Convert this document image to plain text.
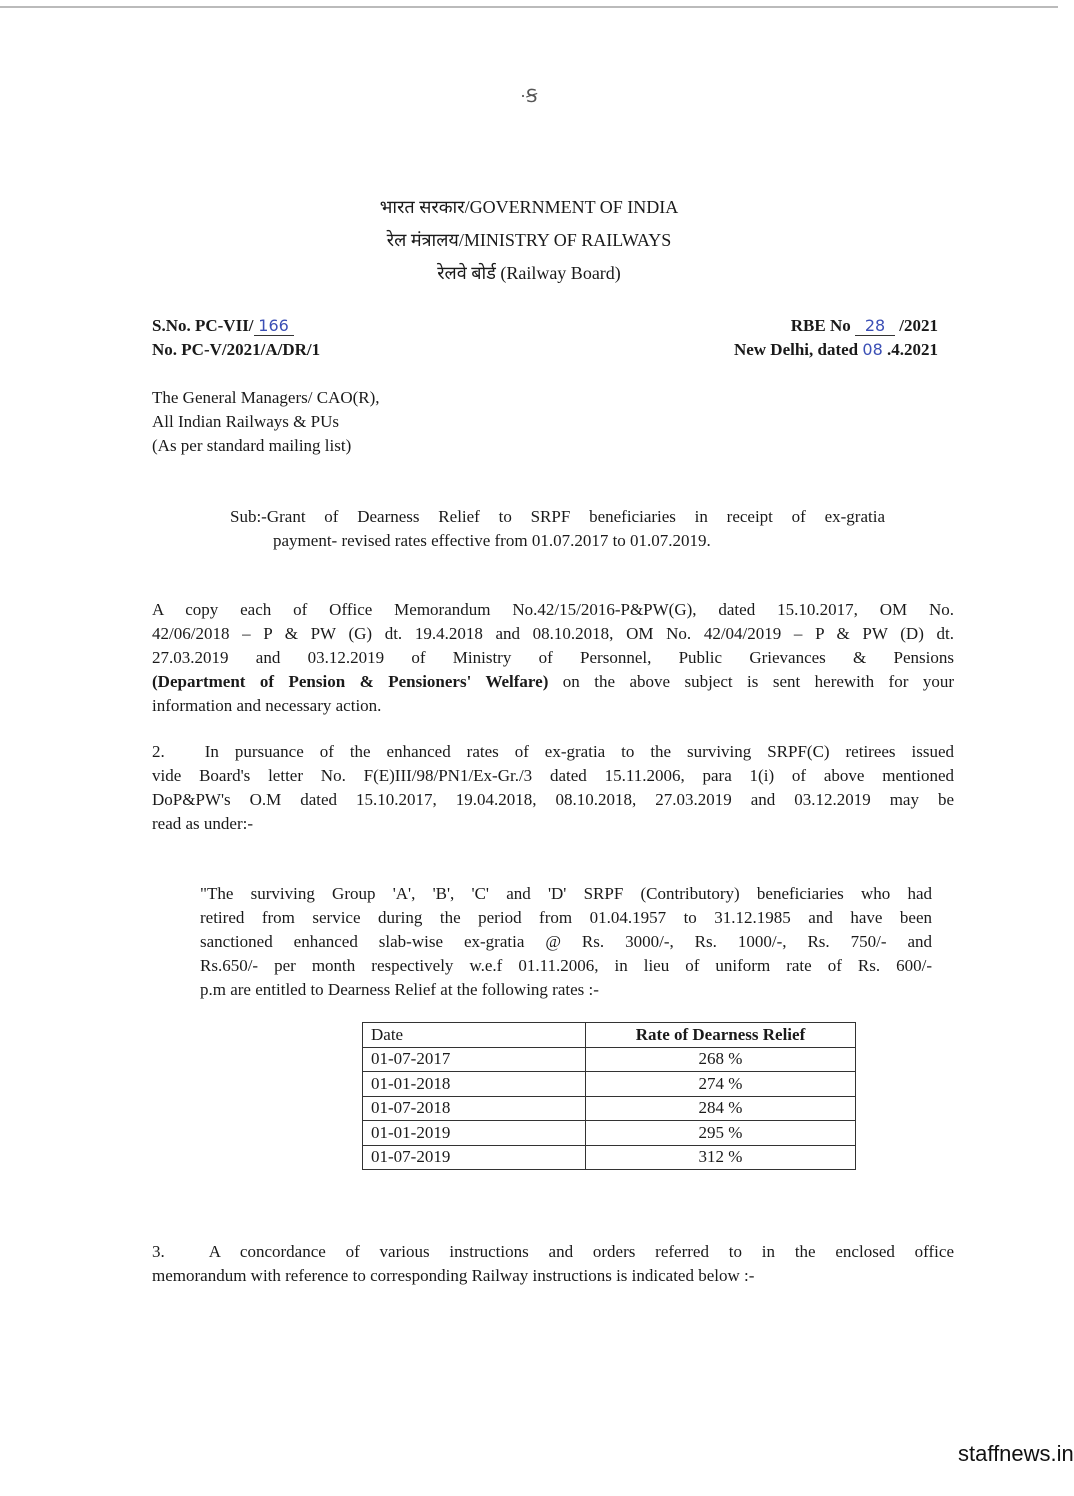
·Ꞩ
भारत सरकार/GOVERNMENT OF INDIA
रेल मंत्रालय/MINISTRY OF RAILWAYS
रेलवे बोर्ड (Railway Board)
S.No. PC-VII/ 166
No. PC-V/2021/A/DR/1
RBE No 28 /2021
New Delhi, dated 08 .4.2021
The General Managers/ CAO(R),
All Indian Railways & PUs
(As per standard mailing list)
Sub:-Grant of Dearness Relief to SRPF beneficiaries in receipt of ex-gratia
payment- revised rates effective from 01.07.2017 to 01.07.2019.
A copy each of Office Memorandum No.42/15/2016-P&PW(G), dated 15.10.2017, OM No.
42/06/2018 – P & PW (G) dt. 19.4.2018 and 08.10.2018, OM No. 42/04/2019 – P & PW (D) dt.
27.03.2019 and 03.12.2019 of Ministry of Personnel, Public Grievances & Pensions
(Department of Pension & Pensioners' Welfare) on the above subject is sent herewith for your
information and necessary action.
2. In pursuance of the enhanced rates of ex-gratia to the surviving SRPF(C) retirees issued
vide Board's letter No. F(E)III/98/PN1/Ex-Gr./3 dated 15.11.2006, para 1(i) of above mentioned
DoP&PW's O.M dated 15.10.2017, 19.04.2018, 08.10.2018, 27.03.2019 and 03.12.2019 may be
read as under:-
"The surviving Group 'A', 'B', 'C' and 'D' SRPF (Contributory) beneficiaries who had
retired from service during the period from 01.04.1957 to 31.12.1985 and have been
sanctioned enhanced slab-wise ex-gratia @ Rs. 3000/-, Rs. 1000/-, Rs. 750/- and
Rs.650/- per month respectively w.e.f 01.11.2006, in lieu of uniform rate of Rs. 600/-
p.m are entitled to Dearness Relief at the following rates :-
Date	Rate of Dearness Relief
01-07-2017	268 %
01-01-2018	274 %
01-07-2018	284 %
01-01-2019	295 %
01-07-2019	312 %
3.	A concordance of various instructions and orders referred to in the enclosed office
memorandum with reference to corresponding Railway instructions is indicated below :-
staffnews.in
